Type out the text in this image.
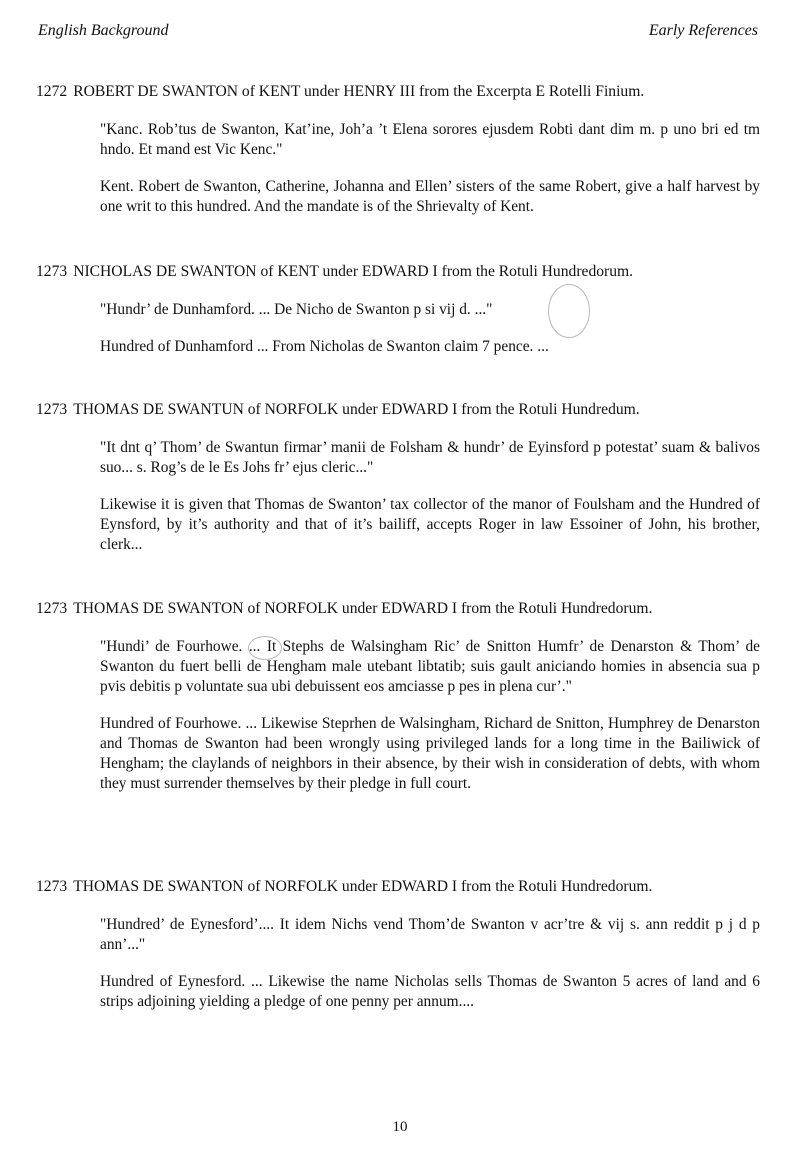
English Background	Early References

1272 ROBERT DE SWANTON of KENT under HENRY III from the Excerpta E Rotelli Finium.

"Kanc. Rob’tus de Swanton, Kat’ine, Joh’a ’t Elena sorores ejusdem Robti dant dim m. p uno bri ed tm hndo. Et mand est Vic Kenc."

Kent. Robert de Swanton, Catherine, Johanna and Ellen’ sisters of the same Robert, give a half harvest by one writ to this hundred. And the mandate is of the Shrievalty of Kent.

1273 NICHOLAS DE SWANTON of KENT under EDWARD I from the Rotuli Hundredorum.

"Hundr’ de Dunhamford. ... De Nicho de Swanton p si vij d. ..."

Hundred of Dunhamford ... From Nicholas de Swanton claim 7 pence. ...

1273 THOMAS DE SWANTUN of NORFOLK under EDWARD I from the Rotuli Hundredum.

"It dnt q’ Thom’ de Swantun firmar’ manii de Folsham & hundr’ de Eyinsford p potestat’ suam & balivos suo... s. Rog’s de le Es Johs fr’ ejus cleric..."

Likewise it is given that Thomas de Swanton’ tax collector of the manor of Foulsham and the Hundred of Eynsford, by it’s authority and that of it’s bailiff, accepts Roger in law Essoiner of John, his brother, clerk...

1273 THOMAS DE SWANTON of NORFOLK under EDWARD I from the Rotuli Hundredorum.

"Hundi’ de Fourhowe. ... It Stephs de Walsingham Ric’ de Snitton Humfr’ de Denarston & Thom’ de Swanton du fuert belli de Hengham male utebant libtatib; suis gault aniciando homies in absencia sua p pvis debitis p voluntate sua ubi debuissent eos amciasse p pes in plena cur’."

Hundred of Fourhowe. ... Likewise Steprhen de Walsingham, Richard de Snitton, Humphrey de Denarston and Thomas de Swanton had been wrongly using privileged lands for a long time in the Bailiwick of Hengham; the claylands of neighbors in their absence, by their wish in consideration of debts, with whom they must surrender themselves by their pledge in full court.

1273 THOMAS DE SWANTON of NORFOLK under EDWARD I from the Rotuli Hundredorum.

"Hundred’ de Eynesford’.... It idem Nichs vend Thom’de Swanton v acr’tre & vij s. ann reddit p j d p ann’..."

Hundred of Eynesford. ... Likewise the name Nicholas sells Thomas de Swanton 5 acres of land and 6 strips adjoining yielding a pledge of one penny per annum....

10
